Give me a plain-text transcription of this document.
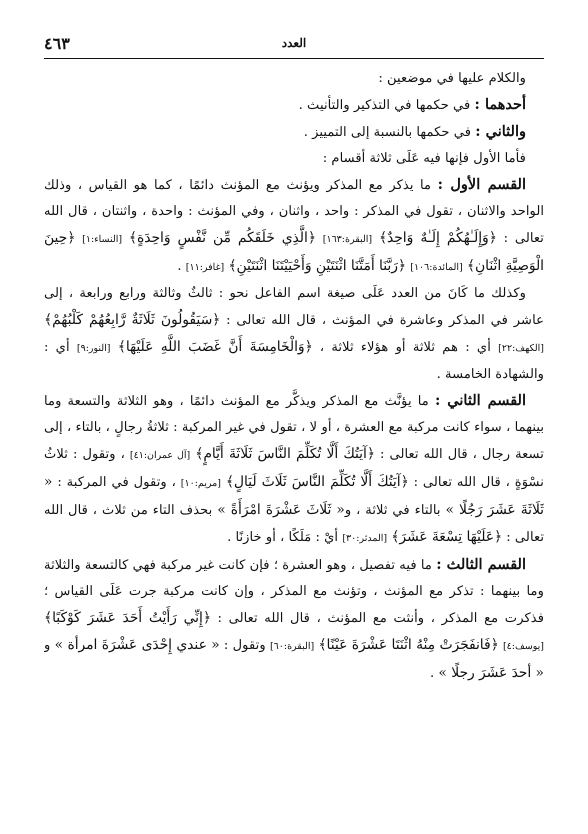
٤٦٣	العدد

والكلام عليها في موضعين :

أحدهما : في حكمها في التذكير والتأنيث .

والثاني : في حكمها بالنسبة إلى التمييز .

فأما الأول فإنها فيه عَلَى ثلاثة أقسام :

القسم الأول : ما يذكر مع المذكر ويؤنث مع المؤنث دائمًا ، كما هو القياس ، وذلك الواحد والاثنان ، تقول في المذكر : واحد ، واثنان ، وفي المؤنث : واحدة ، واثنتان ، قال الله تعالى : ﴿وَإِلَـٰهُكُمْ إِلَـٰهٌ وَاحِدٌ﴾ [البقرة:١٦٣] ﴿الَّذِي خَلَقَكُم مِّن نَّفْسٍ وَاحِدَةٍ﴾ [النساء:١] ﴿حِينَ الْوَصِيَّةِ اثْنَانِ﴾ [المائدة:١٠٦] ﴿رَبَّنَا أَمَتَّنَا اثْنَتَيْنِ وَأَحْيَيْتَنَا اثْنَتَيْنِ﴾ [غافر:١١] .

وكذلك ما كَانَ من العدد عَلَى صيغة اسم الفاعل نحو : ثالثٌ وثالثة ورابع ورابعة ، إلى عاشر في المذكر وعاشرة في المؤنث ، قال الله تعالى : ﴿سَيَقُولُونَ ثَلَاثَةٌ رَّابِعُهُمْ كَلْبُهُمْ﴾ [الكهف:٢٢] أي : هم ثلاثة أو هؤلاء ثلاثة ، ﴿وَالْخَامِسَةَ أَنَّ غَضَبَ اللَّهِ عَلَيْهَا﴾ [النور:٩] أي : والشهادة الخامسة .

القسم الثاني : ما يؤنَّث مع المذكر ويذكَّر مع المؤنث دائمًا ، وهو الثلاثة والتسعة وما بينهما ، سواء كانت مركبة مع العشرة ، أو لا ، تقول في غير المركبة : ثلاثةُ رجالٍ ، بالتاء ، إلى تسعة رجال ، قال الله تعالى : ﴿آيَتُكَ أَلَّا تُكَلِّمَ النَّاسَ ثَلَاثَةَ أَيَّامٍ﴾ [آل عمران:٤١] ، وتقول : ثلاثُ نسْوَةٍ ، قال الله تعالى : ﴿آيَتُكَ أَلَّا تُكَلِّمَ النَّاسَ ثَلَاثَ لَيَالٍ﴾ [مريم:١٠] ، وتقول في المركبة : « ثَلَاثَةَ عَشَرَ رَجُلًا » بالتاء في ثلاثة ، و« ثَلَاثَ عَشْرَةَ امْرَأَةً » بحذف التاء من ثلاث ، قال الله تعالى : ﴿عَلَيْهَا تِسْعَةَ عَشَرَ﴾ [المدثر:٣٠] أيْ : مَلَكًا ، أو خازنًا .

القسم الثالث : ما فيه تفصيل ، وهو العشرة ؛ فإن كانت غير مركبة فهي كالتسعة والثلاثة وما بينهما : تذكر مع المؤنث ، وتؤنث مع المذكر ، وإن كانت مركبة جرت عَلَى القياس ؛ فذكرت مع المذكر ، وأنثت مع المؤنث ، قال الله تعالى : ﴿إِنِّي رَأَيْتُ أَحَدَ عَشَرَ كَوْكَبًا﴾ [يوسف:٤] ﴿فَانفَجَرَتْ مِنْهُ اثْنَتَا عَشْرَةَ عَيْنًا﴾ [البقرة:٦٠] وتقول : « عندي إِحْدَى عَشْرَةَ امرأة » و « أحدَ عَشَرَ رجلًا » .
